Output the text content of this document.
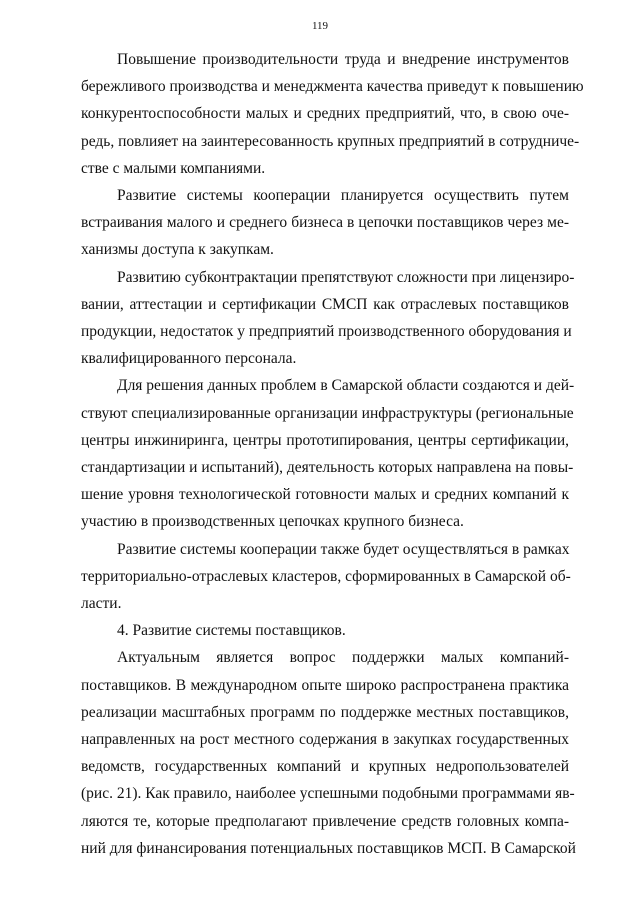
119
Повышение производительности труда и внедрение инструментов
бережливого производства и менеджмента качества приведут к повышению
конкурентоспособности малых и средних предприятий, что, в свою оче-
редь, повлияет на заинтересованность крупных предприятий в сотрудниче-
стве с малыми компаниями.
Развитие системы кооперации планируется осуществить путем
встраивания малого и среднего бизнеса в цепочки поставщиков через ме-
ханизмы доступа к закупкам.
Развитию субконтрактации препятствуют сложности при лицензиро-
вании, аттестации и сертификации СМСП как отраслевых поставщиков
продукции, недостаток у предприятий производственного оборудования и
квалифицированного персонала.
Для решения данных проблем в Самарской области создаются и дей-
ствуют специализированные организации инфраструктуры (региональные
центры инжиниринга, центры прототипирования, центры сертификации,
стандартизации и испытаний), деятельность которых направлена на повы-
шение уровня технологической готовности малых и средних компаний к
участию в производственных цепочках крупного бизнеса.
Развитие системы кооперации также будет осуществляться в рамках
территориально-отраслевых кластеров, сформированных в Самарской об-
ласти.
4. Развитие системы поставщиков.
Актуальным является вопрос поддержки малых компаний-
поставщиков. В международном опыте широко распространена практика
реализации масштабных программ по поддержке местных поставщиков,
направленных на рост местного содержания в закупках государственных
ведомств, государственных компаний и крупных недропользователей
(рис. 21). Как правило, наиболее успешными подобными программами яв-
ляются те, которые предполагают привлечение средств головных компа-
ний для финансирования потенциальных поставщиков МСП. В Самарской
